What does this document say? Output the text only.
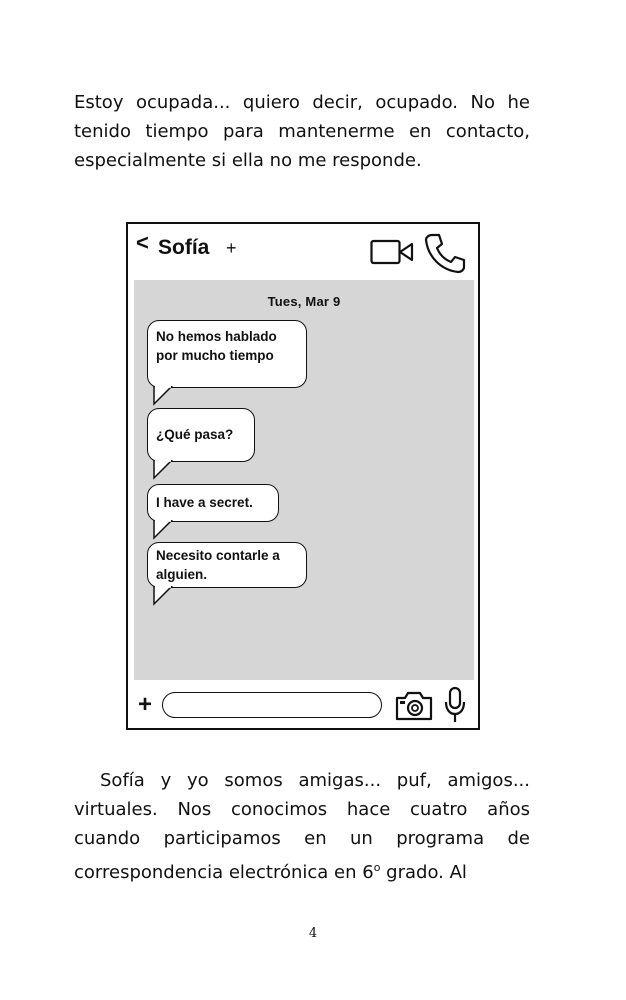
Estoy ocupada... quiero decir, ocupado. No he tenido tiempo para mantenerme en contacto, especialmente si ella no me responde.

< Sofía +
Tues, Mar 9
No hemos hablado por mucho tiempo
¿Qué pasa?
I have a secret.
Necesito contarle a alguien.
+

Sofía y yo somos amigas... puf, amigos... virtuales. Nos conocimos hace cuatro años cuando participamos en un programa de correspondencia electrónica en 6$^o$ grado. Al

4
